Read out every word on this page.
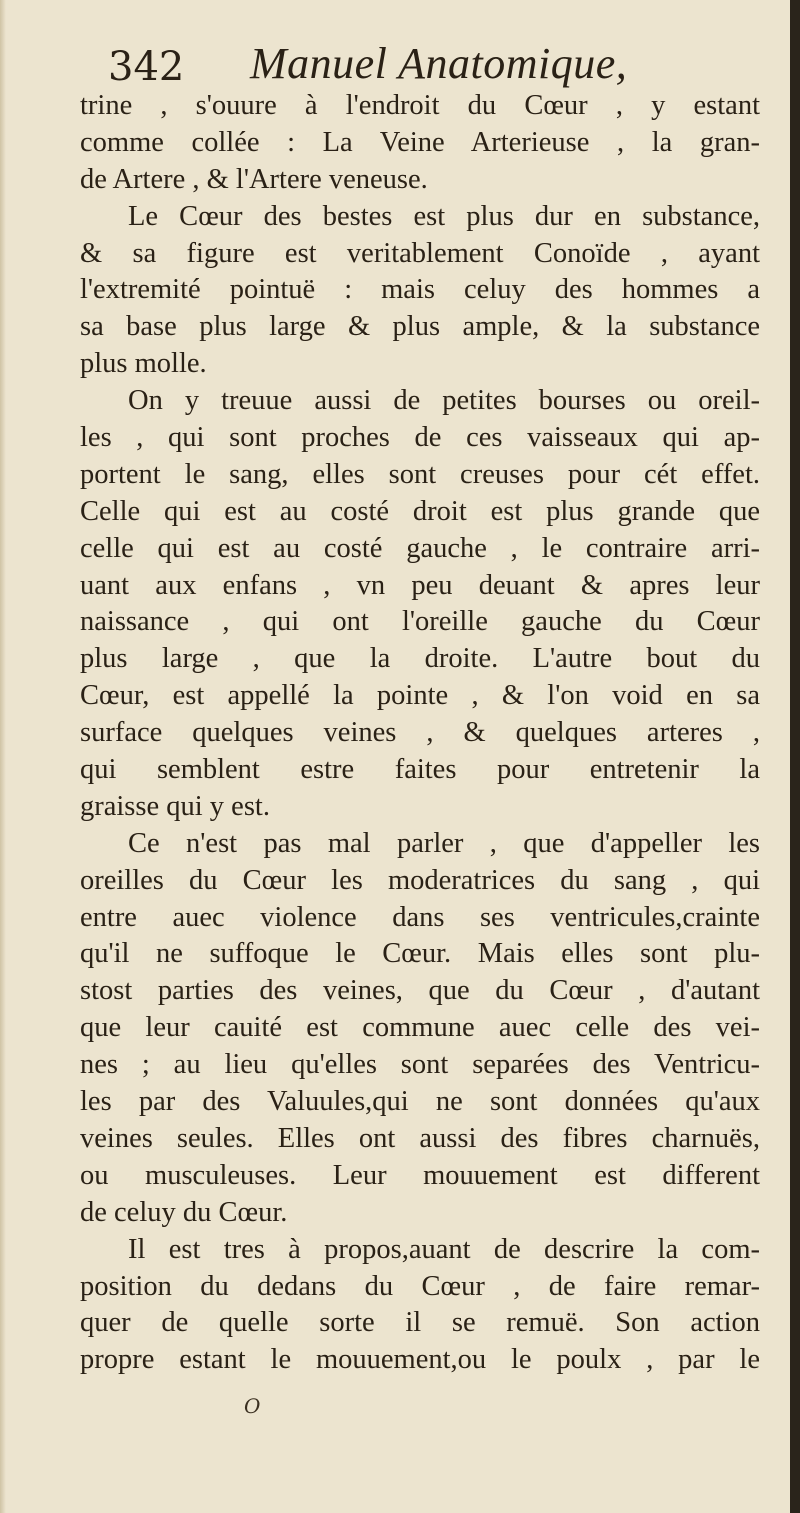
342 Manuel Anatomique,
trine , s'ouure à l'endroit du Cœur , y estant
comme collée : La Veine Arterieuse , la gran-
de Artere , & l'Artere veneuse.
Le Cœur des bestes est plus dur en substance,
& sa figure est veritablement Conoïde , ayant
l'extremité pointuë : mais celuy des hommes a
sa base plus large & plus ample, & la substance
plus molle.
On y treuue aussi de petites bourses ou oreil-
les , qui sont proches de ces vaisseaux qui ap-
portent le sang, elles sont creuses pour cét effet.
Celle qui est au costé droit est plus grande que
celle qui est au costé gauche , le contraire arri-
uant aux enfans , vn peu deuant & apres leur
naissance , qui ont l'oreille gauche du Cœur
plus large , que la droite. L'autre bout du
Cœur, est appellé la pointe , & l'on void en sa
surface quelques veines , & quelques arteres ,
qui semblent estre faites pour entretenir la
graisse qui y est.
Ce n'est pas mal parler , que d'appeller les
oreilles du Cœur les moderatrices du sang , qui
entre auec violence dans ses ventricules,crainte
qu'il ne suffoque le Cœur. Mais elles sont plu-
stost parties des veines, que du Cœur , d'autant
que leur cauité est commune auec celle des vei-
nes ; au lieu qu'elles sont separées des Ventricu-
les par des Valuules,qui ne sont données qu'aux
veines seules. Elles ont aussi des fibres charnuës,
ou musculeuses. Leur mouuement est different
de celuy du Cœur.
Il est tres à propos,auant de descrire la com-
position du dedans du Cœur , de faire remar-
quer de quelle sorte il se remuë. Son action
propre estant le mouuement,ou le poulx , par le
O
